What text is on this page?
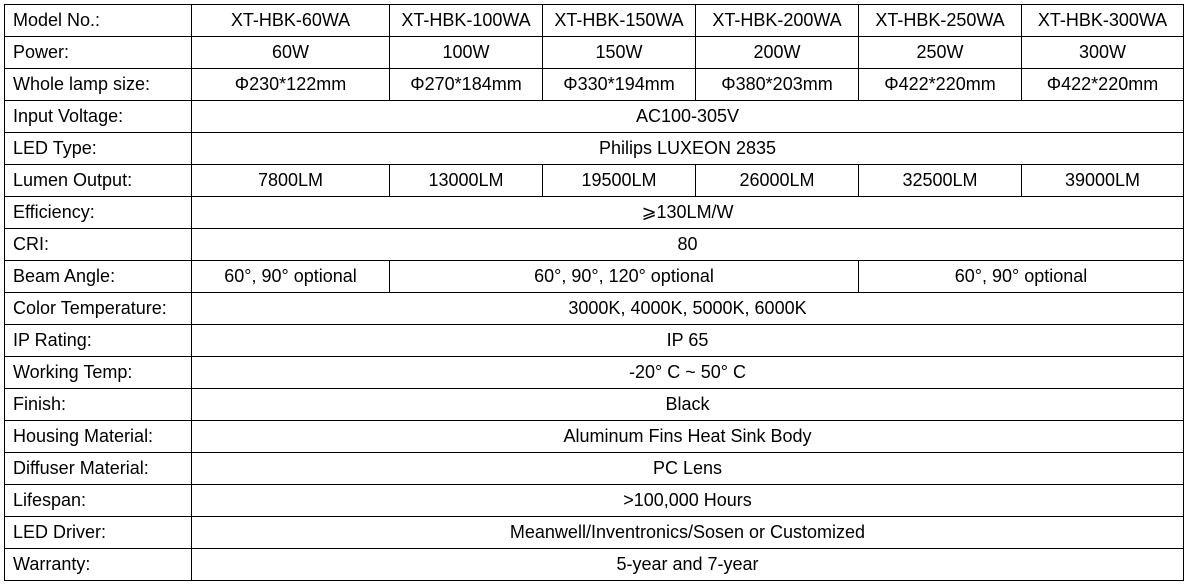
Model No.:	XT-HBK-60WA	XT-HBK-100WA	XT-HBK-150WA	XT-HBK-200WA	XT-HBK-250WA	XT-HBK-300WA
Power:	60W	100W	150W	200W	250W	300W
Whole lamp size:	Φ230*122mm	Φ270*184mm	Φ330*194mm	Φ380*203mm	Φ422*220mm	Φ422*220mm
Input Voltage:	AC100-305V					
LED Type:	Philips LUXEON 2835					
Lumen Output:	7800LM	13000LM	19500LM	26000LM	32500LM	39000LM
Efficiency:	⩾130LM/W					
CRI:	80					
Beam Angle:	60°, 90° optional	60°, 90°, 120° optional			60°, 90° optional	
Color Temperature:	3000K, 4000K, 5000K, 6000K					
IP Rating:	IP 65					
Working Temp:	-20° C ~ 50° C					
Finish:	Black					
Housing Material:	Aluminum Fins Heat Sink Body					
Diffuser Material:	PC Lens					
Lifespan:	>100,000 Hours					
LED Driver:	Meanwell/Inventronics/Sosen or Customized					
Warranty:	5-year and 7-year					
